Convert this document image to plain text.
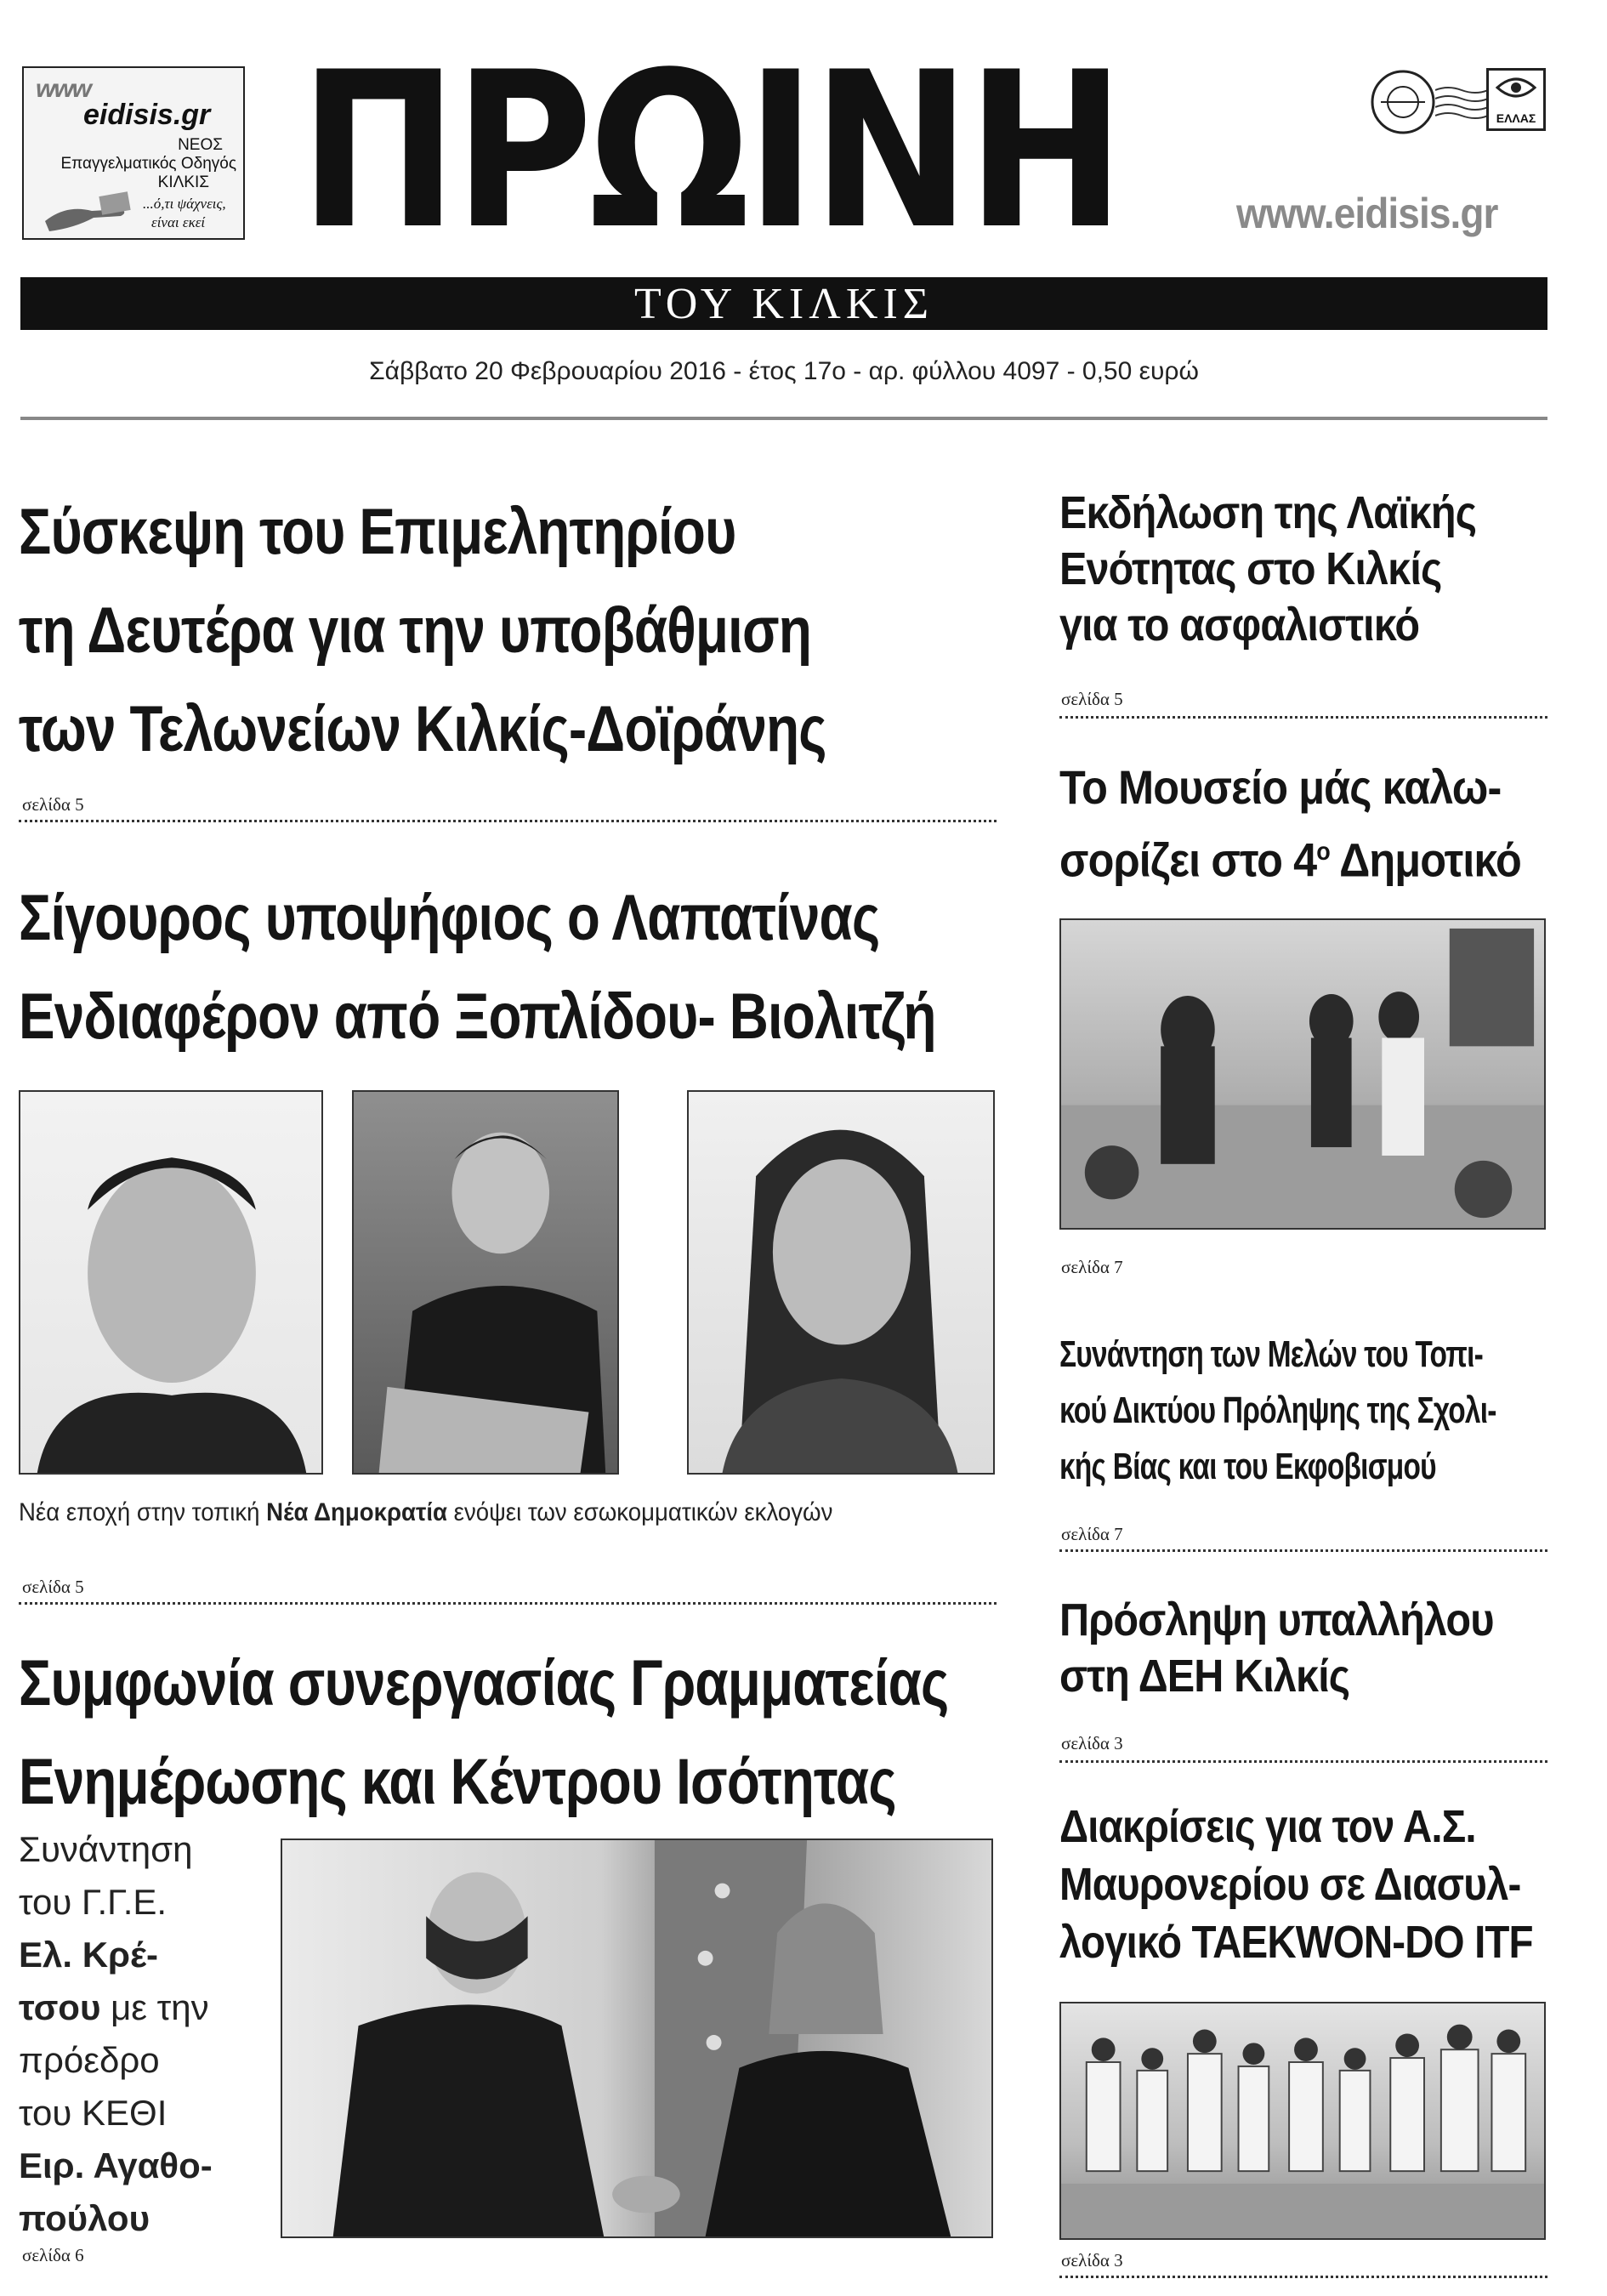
www
eidisis.gr
ΝΕΟΣ
Επαγγελματικός Οδηγός
ΚΙΛΚΙΣ
...ό,τι ψάχνεις,
είναι εκεί ΠΡΩΙΝΗ	ΕΛΛΑΣ
www.eidisis.gr
ΤΟΥ ΚΙΛΚΙΣ
Σάββατο 20 Φεβρουαρίου 2016 - έτος 17ο - αρ. φύλλου 4097 - 0,50 ευρώ
Σύσκεψη του Επιμελητηρίου
τη Δευτέρα για την υποβάθμιση
των Τελωνείων Κιλκίς-Δοϊράνης
σελίδα 5
Σίγουρος υποψήφιος ο Λαπατίνας
Ενδιαφέρον από Ξοπλίδου- Βιολιτζή
Νέα εποχή στην τοπική Νέα Δημοκρατία ενόψει των εσωκομματικών εκλογών
σελίδα 5
Συμφωνία συνεργασίας Γραμματείας
Ενημέρωσης και Κέντρου Ισότητας
Συνάντηση
του Γ.Γ.Ε.
Ελ. Κρέ-
τσου με την
πρόεδρο
του ΚΕΘΙ
Ειρ. Αγαθο-
πούλου
σελίδα 6
Εκδήλωση της Λαϊκής
Ενότητας στο Κιλκίς
για το ασφαλιστικό
σελίδα 5
Το Μουσείο μάς καλω-
σορίζει στο $4^o$ Δημοτικό
σελίδα 7
Συνάντηση των Μελών του Τοπι-
κού Δικτύου Πρόληψης της Σχολι-
κής Βίας και του Εκφοβισμού
σελίδα 7
Πρόσληψη υπαλλήλου
στη ΔΕΗ Κιλκίς
σελίδα 3
Διακρίσεις για τον Α.Σ.
Μαυρονερίου σε Διασυλ-
λογικό TAEKWON-DO ITF
σελίδα 3
